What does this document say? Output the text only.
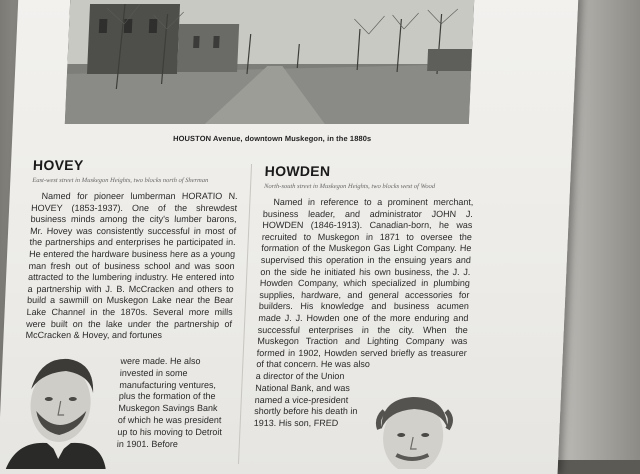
HOUSTON Avenue, downtown Muskegon, in the 1880s
HOVEY
East-west street in Muskegon Heights, two blocks north of Sherman

Named for pioneer lumberman HORATIO N. HOVEY (1853-1937). One of the shrewdest business minds among the city's lumber barons, Mr. Hovey was consistently successful in most of the partnerships and enterprises he participated in. He entered the hardware business here as a young man fresh out of business school and was soon attracted to the lumbering industry. He entered into a partnership with J. B. McCracken and others to build a sawmill on Muskegon Lake near the Bear Lake Channel in the 1870s. Several more mills were built on the lake under the partnership of McCracken & Hovey, and fortunes

were made. He also invested in some manufacturing ventures, plus the formation of the Muskegon Savings Bank of which he was president up to his moving to Detroit in 1901. Before

HOWDEN
North-south street in Muskegon Heights, two blocks west of Wood

Named in reference to a prominent merchant, business leader, and administrator JOHN J. HOWDEN (1846-1913). Canadian-born, he was recruited to Muskegon in 1871 to oversee the formation of the Muskegon Gas Light Company. He supervised this operation in the ensuing years and on the side he initiated his own business, the J. J. Howden Company, which specialized in plumbing supplies, hardware, and general accessories for builders. His knowledge and business acumen made J. J. Howden one of the more enduring and successful enterprises in the city. When the Muskegon Traction and Lighting Company was formed in 1902, Howden served briefly as treasurer of that concern. He was also

a director of the Union National Bank, and was named a vice-president shortly before his death in 1913. His son, FRED
